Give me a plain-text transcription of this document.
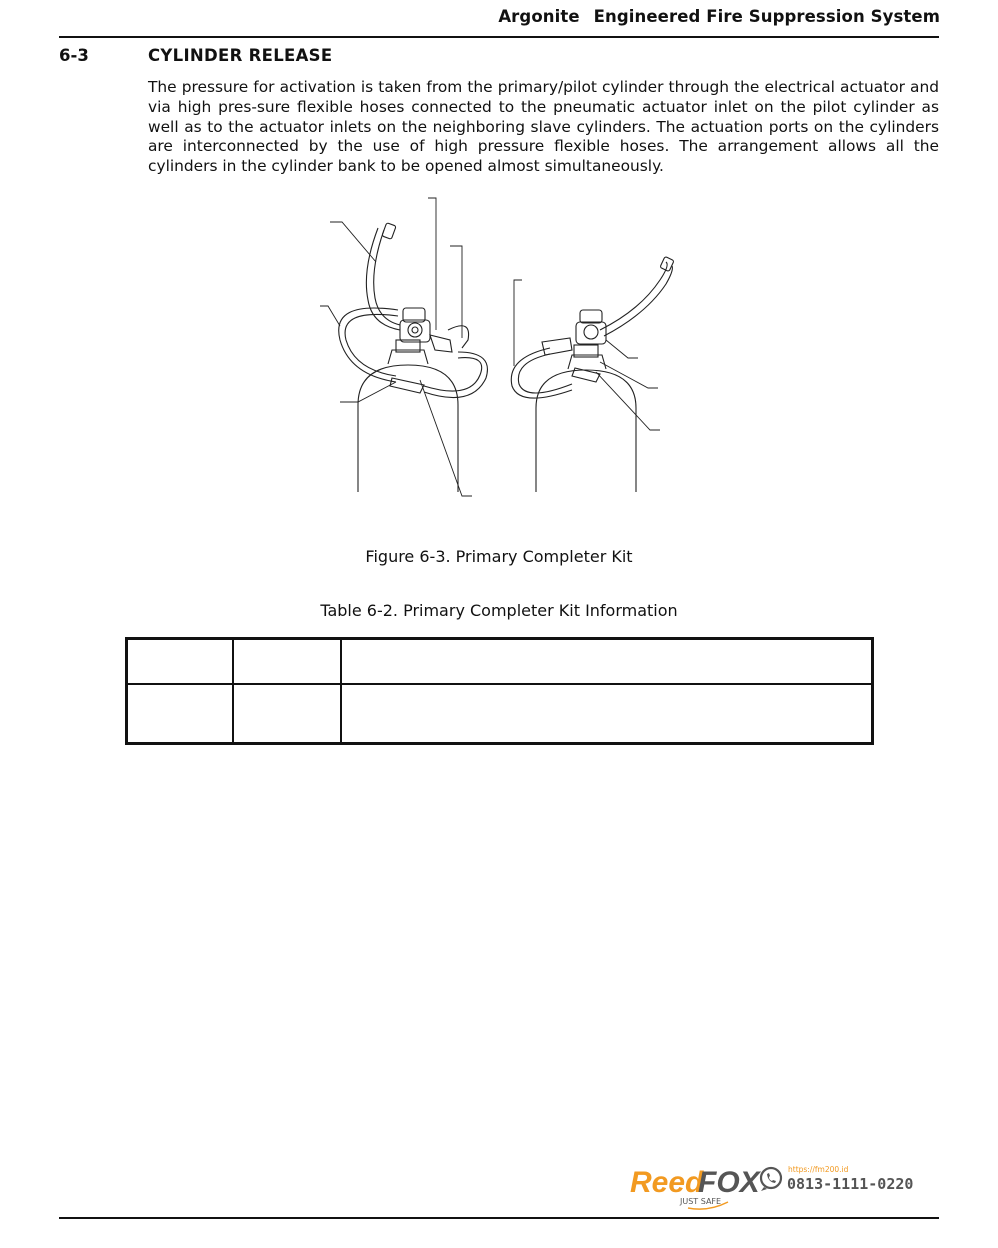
Argonite Engineered Fire Suppression System
6-3	CYLINDER RELEASE

The pressure for activation is taken from the primary/pilot cylinder through the electrical actuator and via high pres-sure flexible hoses connected to the pneumatic actuator inlet on the pilot cylinder as well as to the actuator inlets on the neighboring slave cylinders. The actuation ports on the cylinders are interconnected by the use of high pressure flexible hoses. The arrangement allows all the cylinders in the cylinder bank to be opened almost simultaneously.

Figure 6-3. Primary Completer Kit
Table 6-2. Primary Completer Kit Information

Reed
FOX
JUST SAFE
https://fm200.id
0813-1111-0220
